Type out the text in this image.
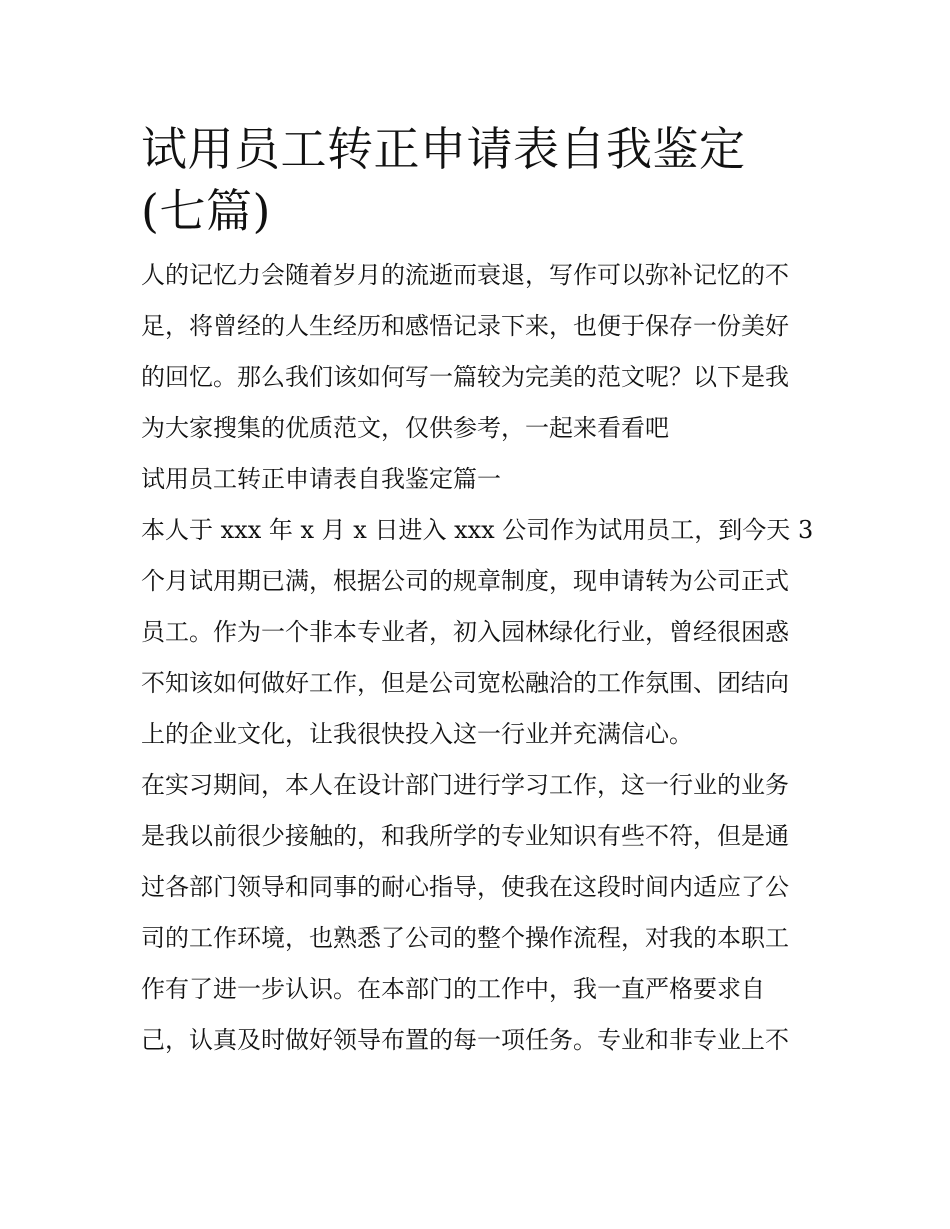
试用员工转正申请表自我鉴定
(七篇)

人的记忆力会随着岁月的流逝而衰退，写作可以弥补记忆的不
足，将曾经的人生经历和感悟记录下来，也便于保存一份美好
的回忆。那么我们该如何写一篇较为完美的范文呢？以下是我
为大家搜集的优质范文，仅供参考，一起来看看吧

试用员工转正申请表自我鉴定篇一

本人于 xxx 年 x 月 x 日进入 xxx 公司作为试用员工，到今天 3
个月试用期已满，根据公司的规章制度，现申请转为公司正式
员工。作为一个非本专业者，初入园林绿化行业，曾经很困惑
不知该如何做好工作，但是公司宽松融洽的工作氛围、团结向
上的企业文化，让我很快投入这一行业并充满信心。

在实习期间，本人在设计部门进行学习工作，这一行业的业务
是我以前很少接触的，和我所学的专业知识有些不符，但是通
过各部门领导和同事的耐心指导，使我在这段时间内适应了公
司的工作环境，也熟悉了公司的整个操作流程，对我的本职工
作有了进一步认识。在本部门的工作中，我一直严格要求自
己，认真及时做好领导布置的每一项任务。专业和非专业上不
